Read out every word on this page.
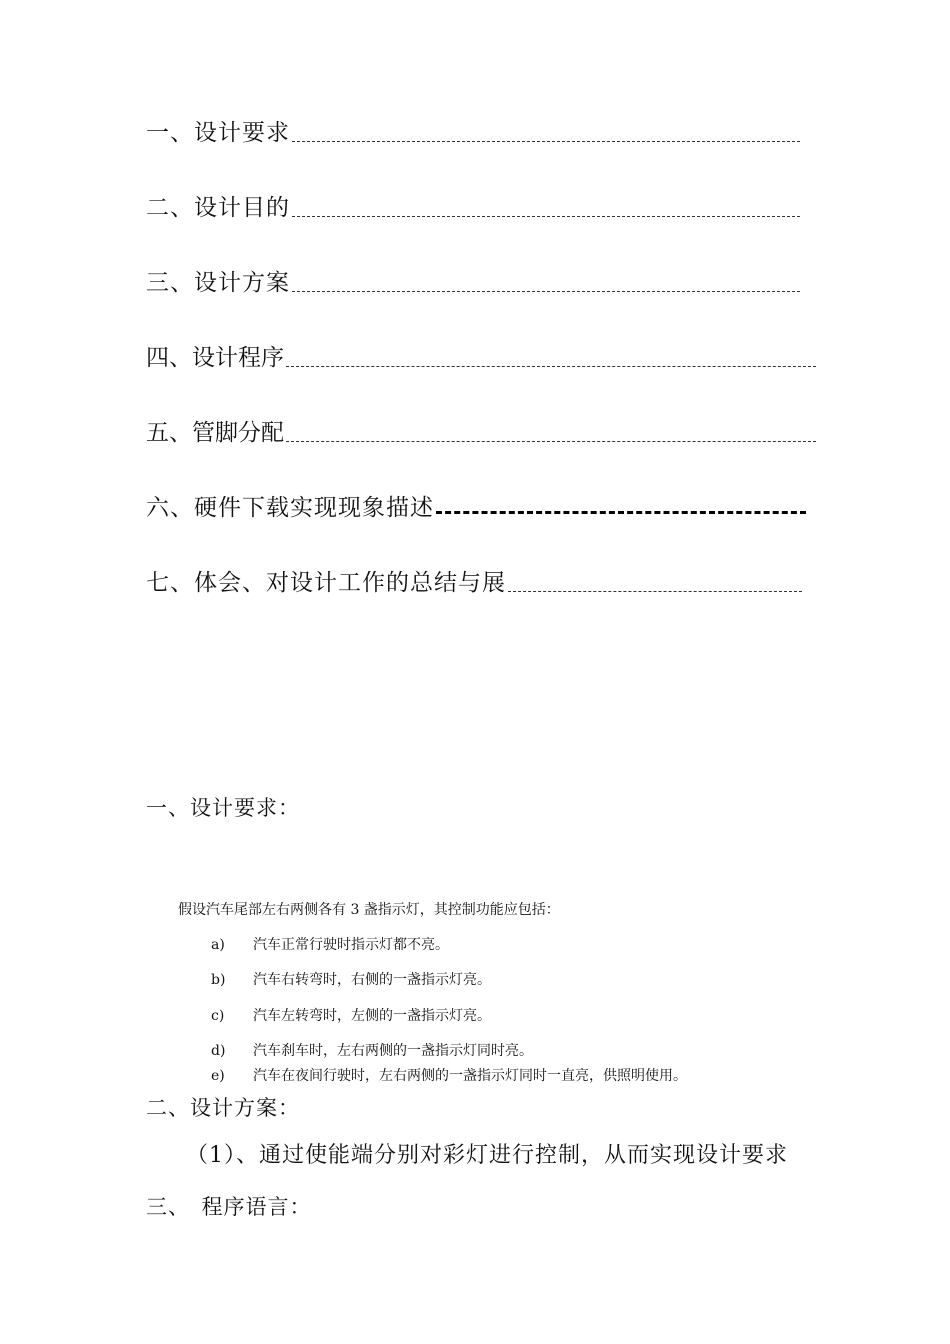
一、设计要求
二、设计目的
三、设计方案
四、设计程序
五、管脚分配
六、硬件下载实现现象描述
七、体会、对设计工作的总结与展
一、设计要求：
假设汽车尾部左右两侧各有 3 盏指示灯，其控制功能应包括：
a)	汽车正常行驶时指示灯都不亮。
b)	汽车右转弯时，右侧的一盏指示灯亮。
c)	汽车左转弯时，左侧的一盏指示灯亮。
d)	汽车刹车时，左右两侧的一盏指示灯同时亮。
e)	汽车在夜间行驶时，左右两侧的一盏指示灯同时一直亮，供照明使用。
二、设计方案：
（1）、通过使能端分别对彩灯进行控制，从而实现设计要求
三、　程序语言：
